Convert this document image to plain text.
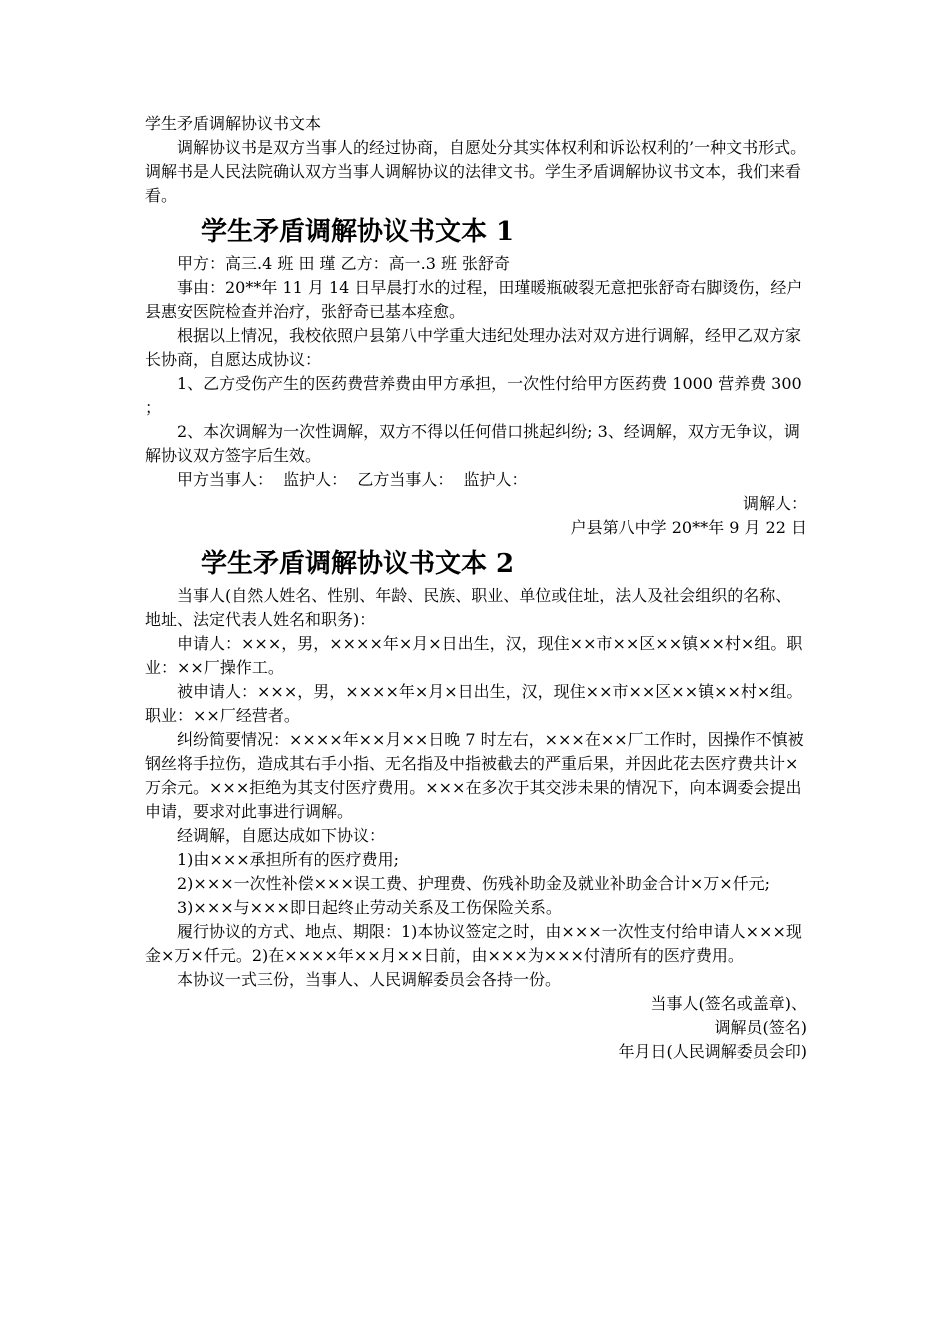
学生矛盾调解协议书文本

调解协议书是双方当事人的经过协商，自愿处分其实体权利和诉讼权利的’一种文书形式。调解书是人民法院确认双方当事人调解协议的法律文书。学生矛盾调解协议书文本，我们来看看。

学生矛盾调解协议书文本 1

甲方：高三.4 班 田 瑾 乙方：高一.3 班 张舒奇

事由：20**年 11 月 14 日早晨打水的过程，田瑾暖瓶破裂无意把张舒奇右脚烫伤，经户县惠安医院检查并治疗，张舒奇已基本痊愈。

根据以上情况，我校依照户县第八中学重大违纪处理办法对双方进行调解，经甲乙双方家长协商，自愿达成协议：

1、乙方受伤产生的医药费营养费由甲方承担，一次性付给甲方医药费 1000 营养费 300 ；

2、本次调解为一次性调解，双方不得以任何借口挑起纠纷; 3、经调解，双方无争议，调解协议双方签字后生效。

甲方当事人：  监护人：  乙方当事人：  监护人：

调解人：

户县第八中学 20**年 9 月 22 日

学生矛盾调解协议书文本 2

当事人(自然人姓名、性别、年龄、民族、职业、单位或住址，法人及社会组织的名称、地址、法定代表人姓名和职务)：

申请人：×××，男，××××年×月×日出生，汉，现住××市××区××镇××村×组。职业：××厂操作工。

被申请人：×××，男，××××年×月×日出生，汉，现住××市××区××镇××村×组。职业：××厂经营者。

纠纷简要情况：××××年××月××日晚 7 时左右，×××在××厂工作时，因操作不慎被钢丝将手拉伤，造成其右手小指、无名指及中指被截去的严重后果，并因此花去医疗费共计×万余元。×××拒绝为其支付医疗费用。×××在多次于其交涉未果的情况下，向本调委会提出申请，要求对此事进行调解。

经调解，自愿达成如下协议：

1)由×××承担所有的医疗费用;

2)×××一次性补偿×××误工费、护理费、伤残补助金及就业补助金合计×万×仟元;

3)×××与×××即日起终止劳动关系及工伤保险关系。

履行协议的方式、地点、期限：1)本协议签定之时，由×××一次性支付给申请人×××现金×万×仟元。2)在××××年××月××日前，由×××为×××付清所有的医疗费用。

本协议一式三份，当事人、人民调解委员会各持一份。

当事人(签名或盖章)、

调解员(签名)

年月日(人民调解委员会印)
